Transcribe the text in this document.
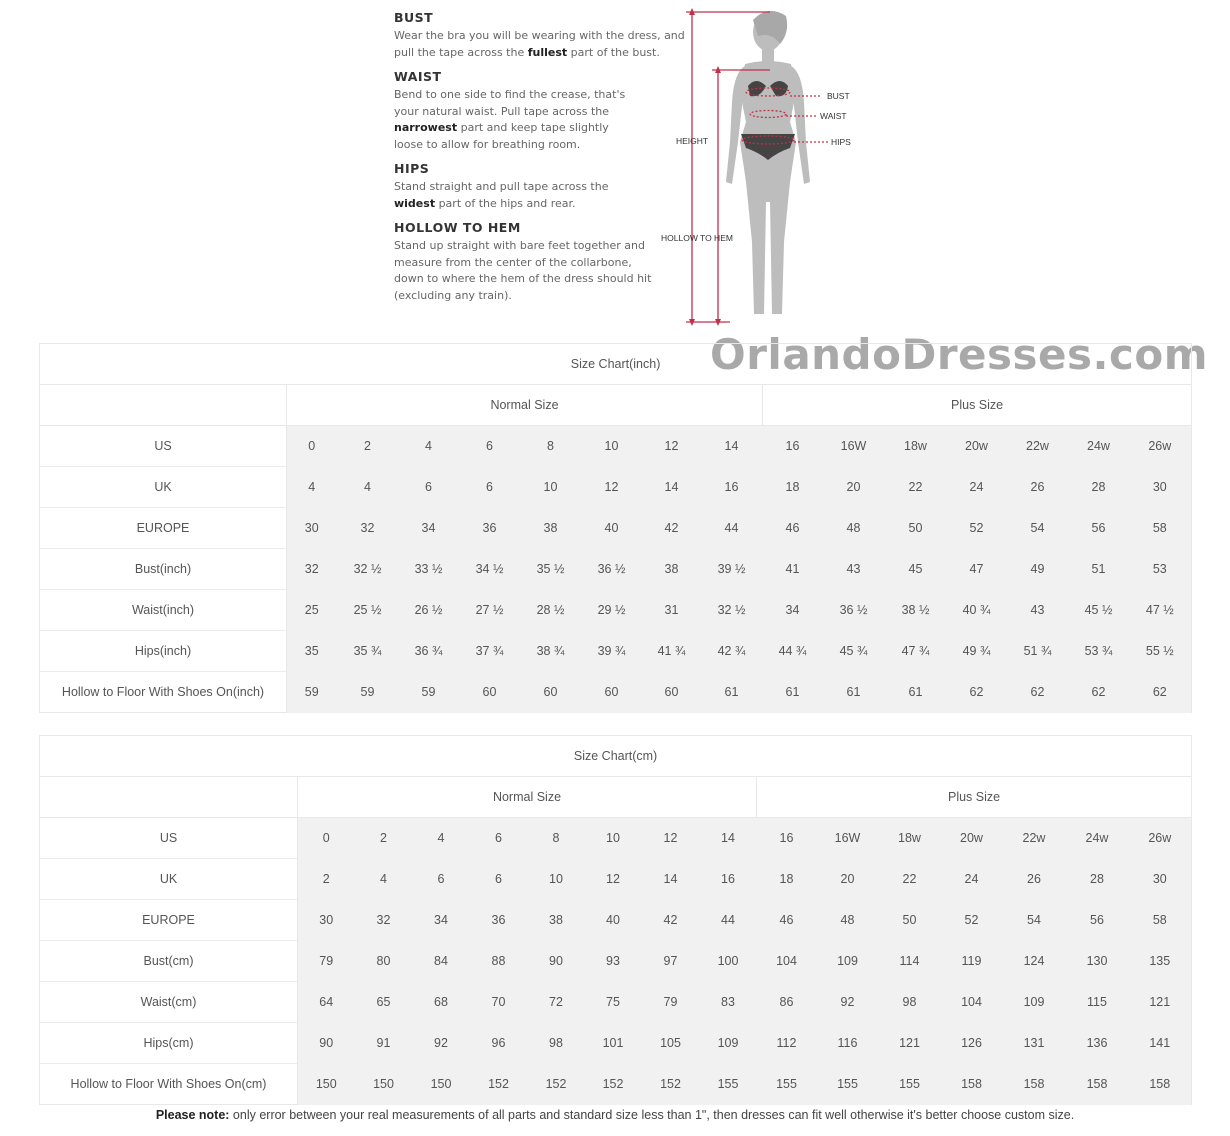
BUST

Wear the bra you will be wearing with the dress, and pull the tape across the fullest part of the bust.

WAIST

Bend to one side to find the crease, that's your natural waist. Pull tape across the narrowest part and keep tape slightly loose to allow for breathing room.

HIPS

Stand straight and pull tape across the widest part of the hips and rear.

HOLLOW TO HEM

Stand up straight with bare feet together and measure from the center of the collarbone, down to where the hem of the dress should hit (excluding any train).

BUST
WAIST
HIPS
HEIGHT
HOLLOW TO HEM
OrlandoDresses.com
Size Chart(inch)															
	Normal Size								Plus Size						
US	0	2	4	6	8	10	12	14	16	16W	18w	20w	22w	24w	26w
UK	4	4	6	6	10	12	14	16	18	20	22	24	26	28	30
EUROPE	30	32	34	36	38	40	42	44	46	48	50	52	54	56	58
Bust(inch)	32	32 ½	33 ½	34 ½	35 ½	36 ½	38	39 ½	41	43	45	47	49	51	53
Waist(inch)	25	25 ½	26 ½	27 ½	28 ½	29 ½	31	32 ½	34	36 ½	38 ½	40 ¾	43	45 ½	47 ½
Hips(inch)	35	35 ¾	36 ¾	37 ¾	38 ¾	39 ¾	41 ¾	42 ¾	44 ¾	45 ¾	47 ¾	49 ¾	51 ¾	53 ¾	55 ½
Hollow to Floor With Shoes On(inch)	59	59	59	60	60	60	60	61	61	61	61	62	62	62	62
Size Chart(cm)															
	Normal Size								Plus Size						
US	0	2	4	6	8	10	12	14	16	16W	18w	20w	22w	24w	26w
UK	2	4	6	6	10	12	14	16	18	20	22	24	26	28	30
EUROPE	30	32	34	36	38	40	42	44	46	48	50	52	54	56	58
Bust(cm)	79	80	84	88	90	93	97	100	104	109	114	119	124	130	135
Waist(cm)	64	65	68	70	72	75	79	83	86	92	98	104	109	115	121
Hips(cm)	90	91	92	96	98	101	105	109	112	116	121	126	131	136	141
Hollow to Floor With Shoes On(cm)	150	150	150	152	152	152	152	155	155	155	155	158	158	158	158
Please note: only error between your real measurements of all parts and standard size less than 1", then dresses can fit well otherwise it's better choose custom size.
